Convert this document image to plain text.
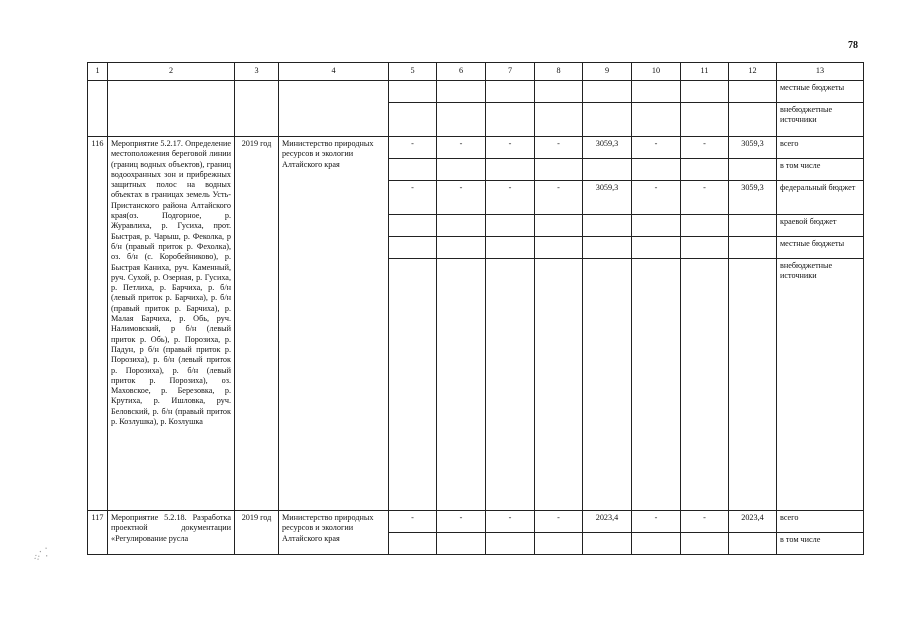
78
1	2	3	4	5	6	7	8	9	10	11	12	13
												местные бюджеты
												внебюджетные источники
116	Мероприятие 5.2.17. Определение местоположения береговой линии (границ водных объектов), границ водоохранных зон и прибрежных защитных полос на водных объектах в границах земель Усть-Пристанского района Алтайского края(оз. Подгорное, р. Журавлиха, р. Гусиха, прот. Быстрая, р. Чарыш, р. Феколка, р б/н (правый приток р. Фехолка), оз. б/н (с. Коробейниково), р. Быстрая Каниха, руч. Каменный, руч. Сухой, р. Озерная, р. Гусиха, р. Петлиха, р. Барчиха, р. б/н (левый приток р. Барчиха), р. б/н (правый приток р. Барчиха), р. Малая Барчиха, р. Обь, руч. Налимовский, р б/н (левый приток р. Обь), р. Порозиха, р. Падун, р б/н (правый приток р. Порозиха), р. б/н (левый приток р. Порозиха), р. б/н (левый приток р. Порозиха), оз. Маховское, р. Березовка, р. Крутиха, р. Ишловка, руч. Беловский, р. б/н (правый приток р. Козлушка), р. Козлушка	2019 год	Министерство природных ресурсов и экологии Алтайского края	-	-	-	-	3059,3	-	-	3059,3	всего
												в том числе
				-	-	-	-	3059,3	-	-	3059,3	федеральный бюджет
												краевой бюджет
												местные бюджеты
												внебюджетные источники
117	Мероприятие 5.2.18. Разработка проектной документации «Регулирование русла	2019 год	Министерство природных ресурсов и экологии Алтайского края	-	-	-	-	2023,4	-	-	2023,4	всего
												в том числе
⁘⸪
